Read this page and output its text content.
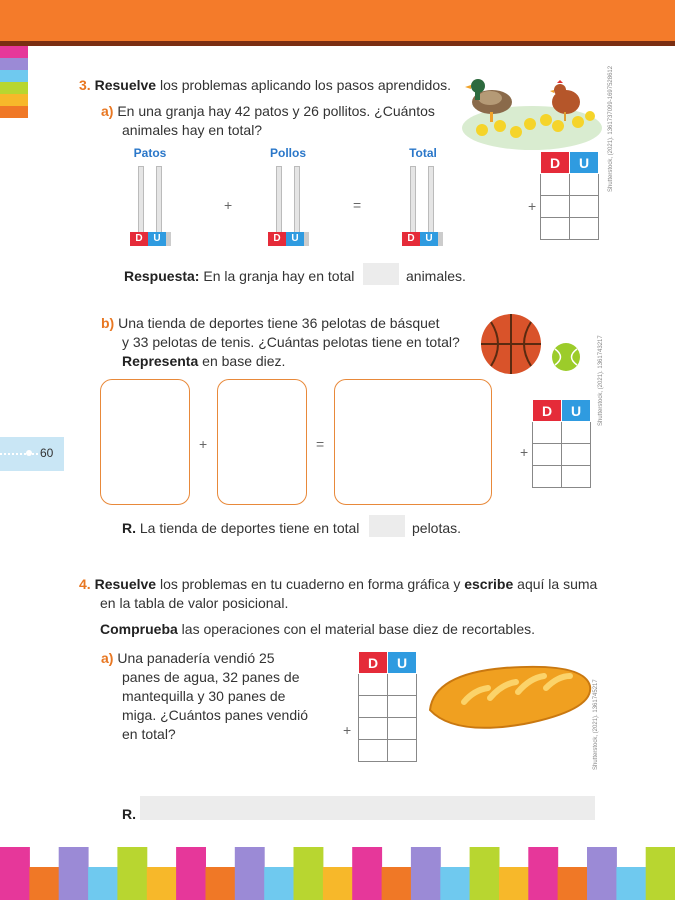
60
3. Resuelve los problemas aplicando los pasos aprendidos.	Shutterstock, (2021). 1361737099-1697528612
a) En una granja hay 42 patos y 26 pollitos. ¿Cuántos
animales hay en total?
Patos	Pollos	Total
D	U
+
D	U
=
D	U
D	U

+
Respuesta: En la granja hay en total	animales.
b) Una tienda de deportes tiene 36 pelotas de básquet
y 33 pelotas de tenis. ¿Cuántas pelotas tiene en total?
Representa en base diez.	Shutterstock, (2021). 1361743217
+	=
D	U

+
R. La tienda de deportes tiene en total	pelotas.
4. Resuelve los problemas en tu cuaderno en forma gráfica y escribe aquí la suma
en la tabla de valor posicional.
Comprueba las operaciones con el material base diez de recortables.
a) Una panadería vendió 25
panes de agua, 32 panes de
mantequilla y 30 panes de
miga. ¿Cuántos panes vendió
en total?
D	U

+	Shutterstock, (2021). 1361745217
R.
